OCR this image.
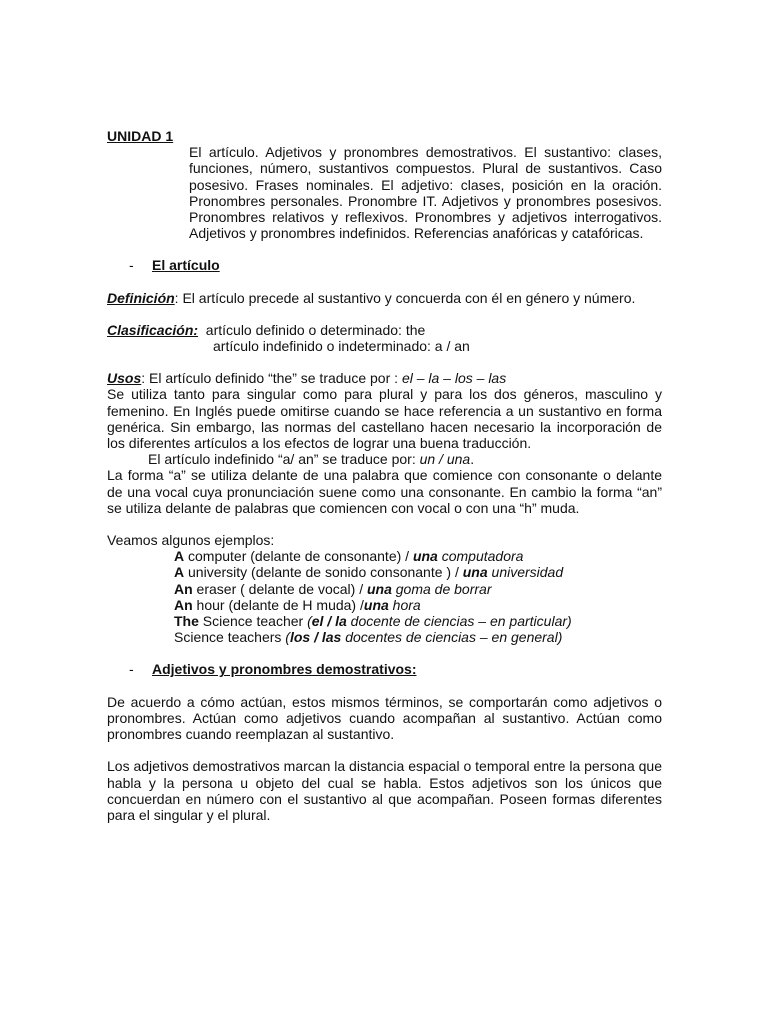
UNIDAD 1

El artículo. Adjetivos y pronombres demostrativos. El sustantivo: clases, funciones, número, sustantivos compuestos. Plural de sustantivos. Caso posesivo. Frases nominales. El adjetivo: clases, posición en la oración. Pronombres personales. Pronombre IT. Adjetivos y pronombres posesivos. Pronombres relativos y reflexivos. Pronombres y adjetivos interrogativos. Adjetivos y pronombres indefinidos. Referencias anafóricas y catafóricas.

- El artículo

Definición: El artículo precede al sustantivo y concuerda con él en género y número.

Clasificación:  artículo definido o determinado: the

artículo indefinido o indeterminado: a / an

Usos: El artículo definido “the” se traduce por : el – la – los – las

Se utiliza tanto para singular como para plural y para los dos géneros, masculino y femenino. En Inglés puede omitirse cuando se hace referencia a un sustantivo en forma genérica. Sin embargo, las normas del castellano hacen necesario la incorporación de los diferentes artículos a los efectos de lograr una buena traducción.

El artículo indefinido “a/ an” se traduce por: un / una.

La forma “a” se utiliza delante de una palabra que comience con consonante o delante de una vocal cuya pronunciación suene como una consonante. En cambio la forma “an” se utiliza delante de palabras que comiencen con vocal o con una “h” muda.

Veamos algunos ejemplos:

A computer (delante de consonante) / una computadora

A university (delante de sonido consonante ) / una universidad

An eraser ( delante de vocal) / una goma de borrar

An hour (delante de H muda) /una hora

The Science teacher (el / la docente de ciencias – en particular)

Science teachers (los / las docentes de ciencias – en general)

- Adjetivos y pronombres demostrativos:

De acuerdo a cómo actúan, estos mismos términos, se comportarán como adjetivos o pronombres. Actúan como adjetivos cuando acompañan al sustantivo. Actúan como pronombres cuando reemplazan al sustantivo.

Los adjetivos demostrativos marcan la distancia espacial o temporal entre la persona que habla y la persona u objeto del cual se habla. Estos adjetivos son los únicos que concuerdan en número con el sustantivo al que acompañan. Poseen formas diferentes para el singular y el plural.
